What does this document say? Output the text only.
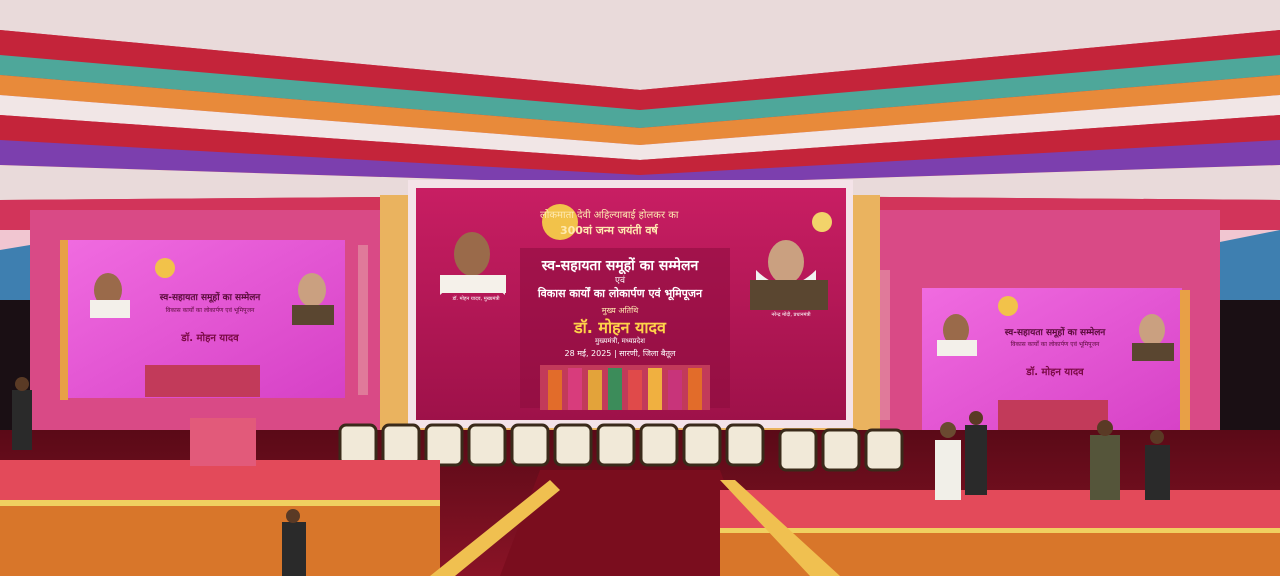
लोकमाता देवी अहिल्याबाई होलकर का
300वां जन्म जयंती वर्ष
स्व-सहायता समूहों का सम्मेलन
एवं
विकास कार्यों का लोकार्पण एवं भूमिपूजन
मुख्य अतिथि
डॉ. मोहन यादव
मुख्यमंत्री, मध्यप्रदेश
28 मई, 2025 | सारणी, जिला बैतूल
डॉ. मोहन यादव, मुख्यमंत्री
नरेन्द्र मोदी, प्रधानमंत्री
स्व-सहायता समूहों का सम्मेलन
विकास कार्यों का लोकार्पण एवं भूमिपूजन
डॉ. मोहन यादव	स्व-सहायता समूहों का सम्मेलन
विकास कार्यों का लोकार्पण एवं भूमिपूजन
डॉ. मोहन यादव
